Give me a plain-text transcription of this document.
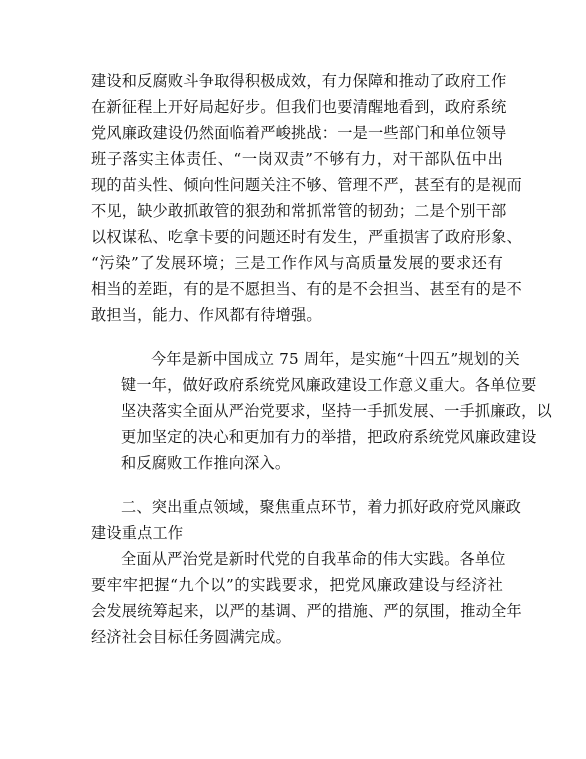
建设和反腐败斗争取得积极成效，有力保障和推动了政府工作
在新征程上开好局起好步。但我们也要清醒地看到，政府系统
党风廉政建设仍然面临着严峻挑战：一是一些部门和单位领导
班子落实主体责任、“一岗双责”不够有力，对干部队伍中出
现的苗头性、倾向性问题关注不够、管理不严，甚至有的是视而
不见，缺少敢抓敢管的狠劲和常抓常管的韧劲；二是个别干部
以权谋私、吃拿卡要的问题还时有发生，严重损害了政府形象、
“污染”了发展环境；三是工作作风与高质量发展的要求还有
相当的差距，有的是不愿担当、有的是不会担当、甚至有的是不
敢担当，能力、作风都有待增强。
今年是新中国成立 75 周年，是实施“十四五”规划的关
键一年，做好政府系统党风廉政建设工作意义重大。各单位要
坚决落实全面从严治党要求，坚持一手抓发展、一手抓廉政，以
更加坚定的决心和更加有力的举措，把政府系统党风廉政建设
和反腐败工作推向深入。
二、突出重点领域，聚焦重点环节，着力抓好政府党风廉政
建设重点工作
全面从严治党是新时代党的自我革命的伟大实践。各单位
要牢牢把握“九个以”的实践要求，把党风廉政建设与经济社
会发展统筹起来，以严的基调、严的措施、严的氛围，推动全年
经济社会目标任务圆满完成。
